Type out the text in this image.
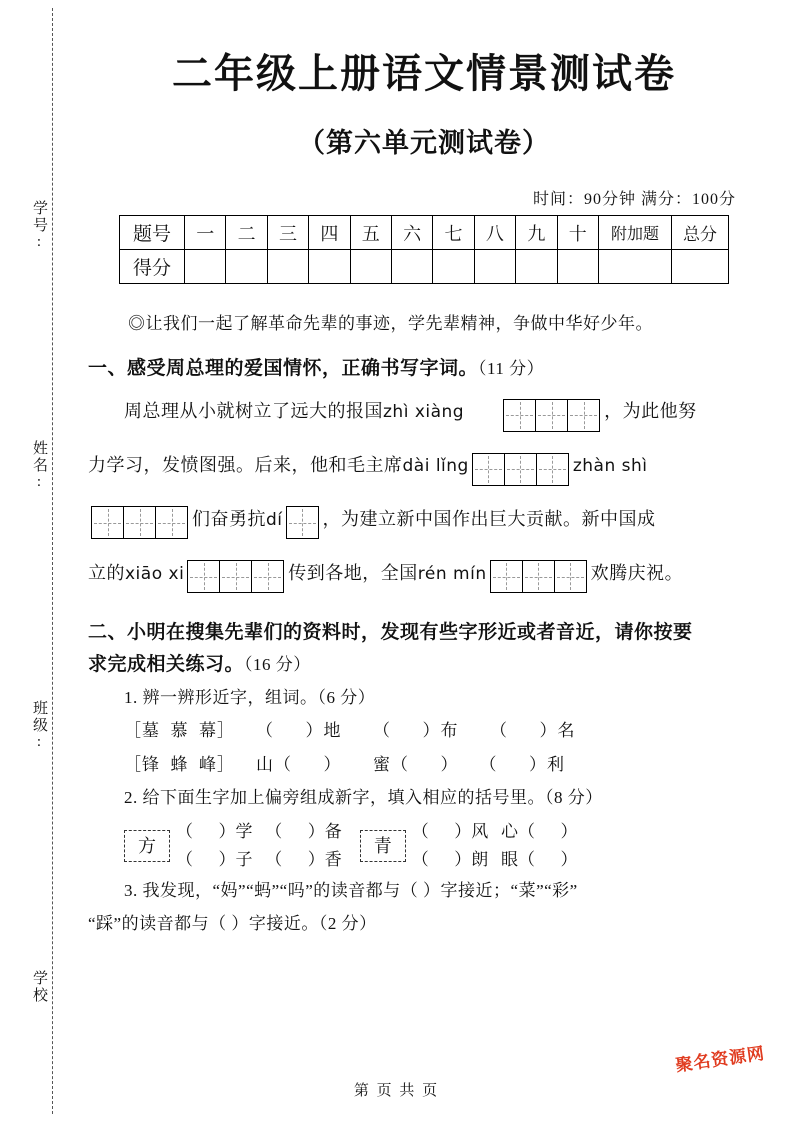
学号:
姓名:
班级:
学校
二年级上册语文情景测试卷
（第六单元测试卷）
时间：90分钟 满分：100分
题号	一	二	三	四	五	六	七	八	九	十	附加题	总分
得分												
◎让我们一起了解革命先辈的事迹，学先辈精神，争做中华好少年。
一、感受周总理的爱国情怀，正确书写字词。（11 分）
周总理从小就树立了远大的报国zhì xiàng	，为此他努
力学习，发愤图强。后来，他和毛主席dài lǐng	zhàn shì
们奋勇抗dí ，为建立新中国作出巨大贡献。新中国成
立的xiāo xi	传到各地，全国rén mín	欢腾庆祝。
二、小明在搜集先辈们的资料时，发现有些字形近或者音近，请你按要
求完成相关练习。（16 分）
1. 辨一辨形近字，组词。（6 分）
［墓  慕  幕］    （      ）地      （      ）布      （      ）名
［锋  蜂  峰］    山（      ）      蜜（      ）    （      ）利
2. 给下面生字加上偏旁组成新字，填入相应的括号里。（8 分）
方
（      ）学   （      ）备
（      ）子   （      ）香
青
（      ）风   心（      ）
（      ）朗   眼（      ）
3. 我发现，“妈”“蚂”“吗”的读音都与（ ）字接近；“菜”“彩”
“踩”的读音都与（ ）字接近。（2 分）
聚名资源网
第 页 共 页
